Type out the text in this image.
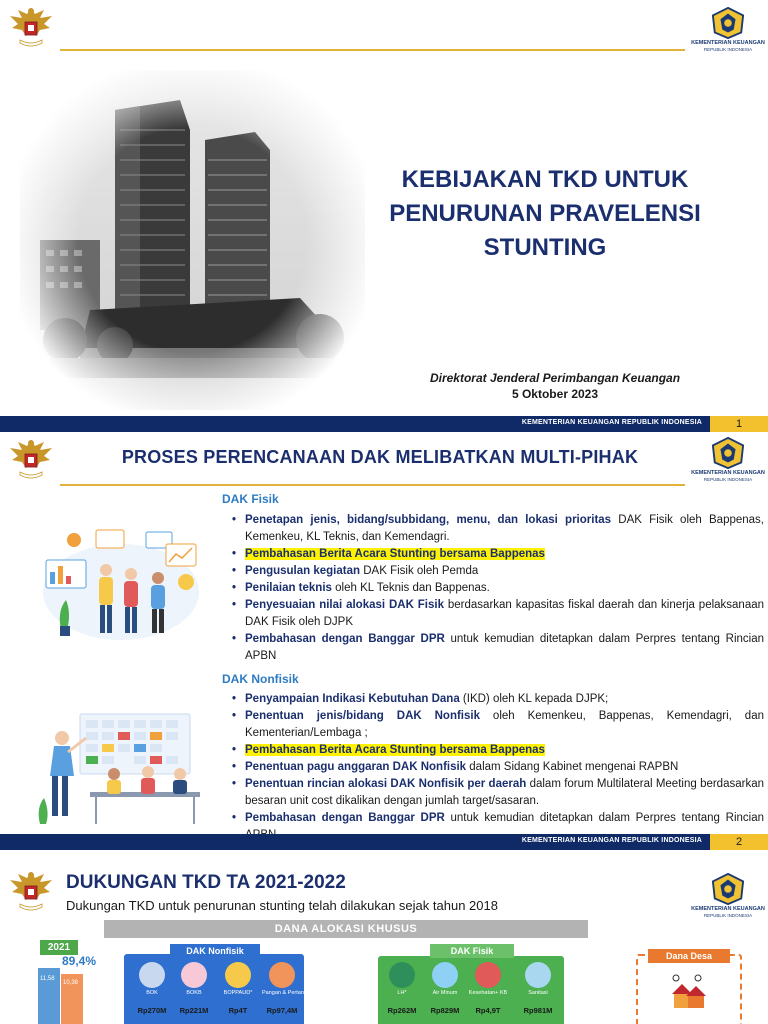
KEMENTERIAN KEUANGAN
REPUBLIK INDONESIA
KEBIJAKAN TKD UNTUK
PENURUNAN PRAVELENSI
STUNTING
Direktorat Jenderal Perimbangan Keuangan
5 Oktober 2023
KEMENTERIAN KEUANGAN REPUBLIK INDONESIA	1
PROSES PERENCANAAN DAK MELIBATKAN MULTI-PIHAK
KEMENTERIAN KEUANGAN
REPUBLIK INDONESIA
DAK Fisik
• Penetapan jenis, bidang/subbidang, menu, dan lokasi prioritas DAK Fisik oleh Bappenas, Kemenkeu, KL Teknis, dan Kemendagri.
• Pembahasan Berita Acara Stunting bersama Bappenas
• Pengusulan kegiatan DAK Fisik oleh Pemda
• Penilaian teknis oleh KL Teknis dan Bappenas.
• Penyesuaian nilai alokasi DAK Fisik berdasarkan kapasitas fiskal daerah dan kinerja pelaksanaan DAK Fisik oleh DJPK
• Pembahasan dengan Banggar DPR untuk kemudian ditetapkan dalam Perpres tentang Rincian APBN
DAK Nonfisik
• Penyampaian Indikasi Kebutuhan Dana (IKD) oleh KL kepada DJPK;
• Penentuan jenis/bidang DAK Nonfisik oleh Kemenkeu, Bappenas, Kemendagri, dan Kementerian/Lembaga ;
• Pembahasan Berita Acara Stunting bersama Bappenas
• Penentuan pagu anggaran DAK Nonfisik dalam Sidang Kabinet mengenai RAPBN
• Penentuan rincian alokasi DAK Nonfisik per daerah dalam forum Multilateral Meeting berdasarkan besaran unit cost dikalikan dengan jumlah target/sasaran.
• Pembahasan dengan Banggar DPR untuk kemudian ditetapkan dalam Perpres tentang Rincian
KEMENTERIAN KEUANGAN REPUBLIK INDONESIA	2
DUKUNGAN TKD TA 2021-2022
Dukungan TKD untuk penurunan stunting telah dilakukan sejak tahun 2018	KEMENTERIAN KEUANGAN
REPUBLIK INDONESIA
DANA ALOKASI KHUSUS
2021
89,4%
11,58
10,38
DAK Nonfisik
BOK
Rp270M
BOKB
Rp221M
BOPPAUD*
Rp4T
Pangan & Pertanian*
Rp97,4M
DAK Fisik
LH*
Rp262M
Air Minum
Rp829M
Kesehatan+ KB
Rp4,9T
Sanitasi
Rp981M
Dana Desa
